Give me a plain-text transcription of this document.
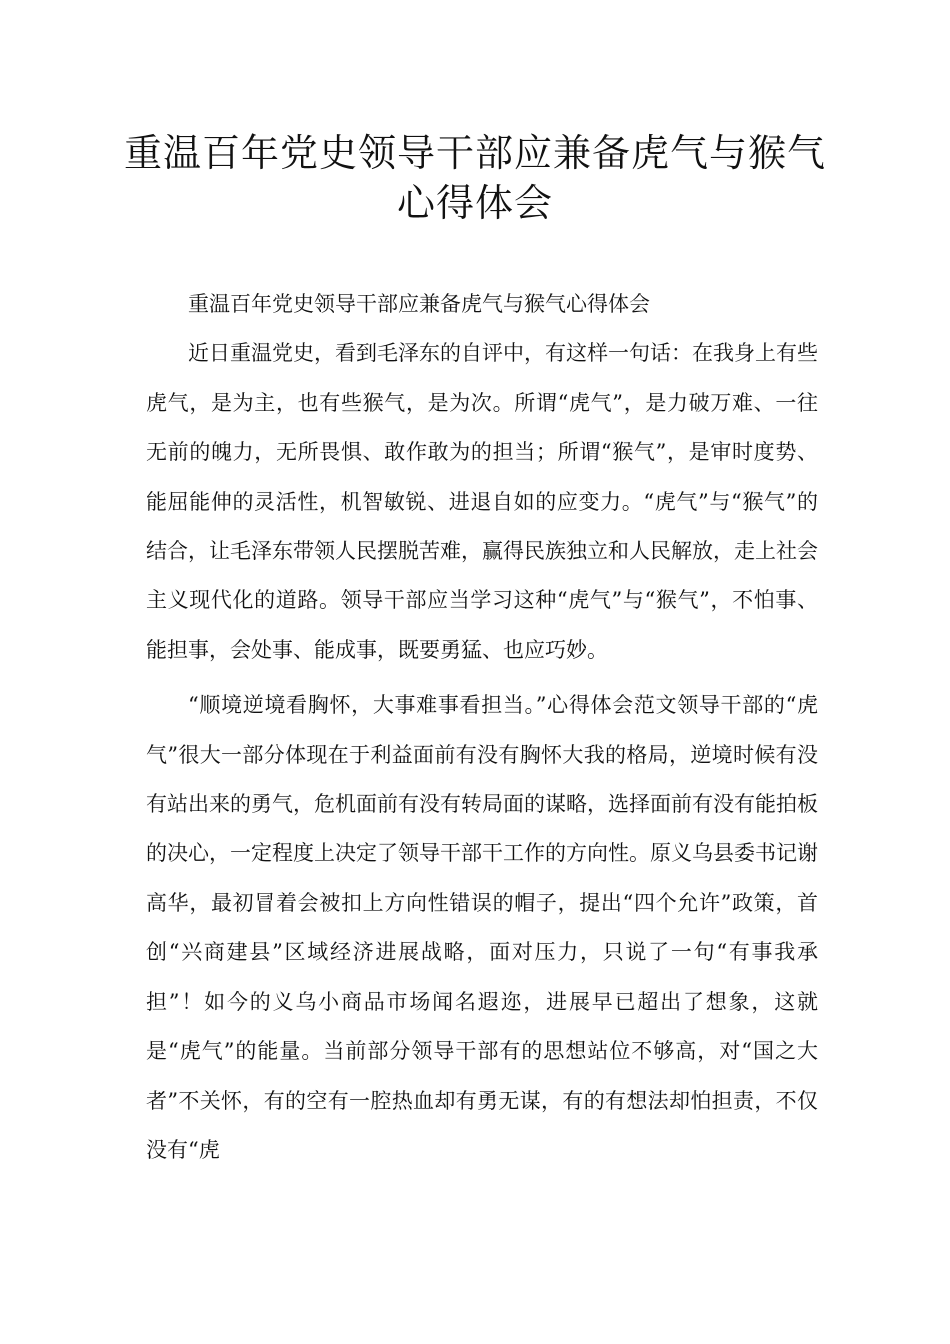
重温百年党史领导干部应兼备虎气与猴气心得体会

重温百年党史领导干部应兼备虎气与猴气心得体会

近日重温党史，看到毛泽东的自评中，有这样一句话：在我身上有些虎气，是为主，也有些猴气，是为次。所谓“虎气”，是力破万难、一往无前的魄力，无所畏惧、敢作敢为的担当；所谓“猴气”，是审时度势、能屈能伸的灵活性，机智敏锐、进退自如的应变力。“虎气”与“猴气”的结合，让毛泽东带领人民摆脱苦难，赢得民族独立和人民解放，走上社会主义现代化的道路。领导干部应当学习这种“虎气”与“猴气”，不怕事、能担事，会处事、能成事，既要勇猛、也应巧妙。

“顺境逆境看胸怀，大事难事看担当。”心得体会范文领导干部的“虎气”很大一部分体现在于利益面前有没有胸怀大我的格局，逆境时候有没有站出来的勇气，危机面前有没有转局面的谋略，选择面前有没有能拍板的决心，一定程度上决定了领导干部干工作的方向性。原义乌县委书记谢高华，最初冒着会被扣上方向性错误的帽子，提出“四个允许”政策，首创“兴商建县”区域经济进展战略，面对压力，只说了一句“有事我承担”！如今的义乌小商品市场闻名遐迩，进展早已超出了想象，这就是“虎气”的能量。当前部分领导干部有的思想站位不够高，对“国之大者”不关怀，有的空有一腔热血却有勇无谋，有的有想法却怕担责，不仅没有“虎
